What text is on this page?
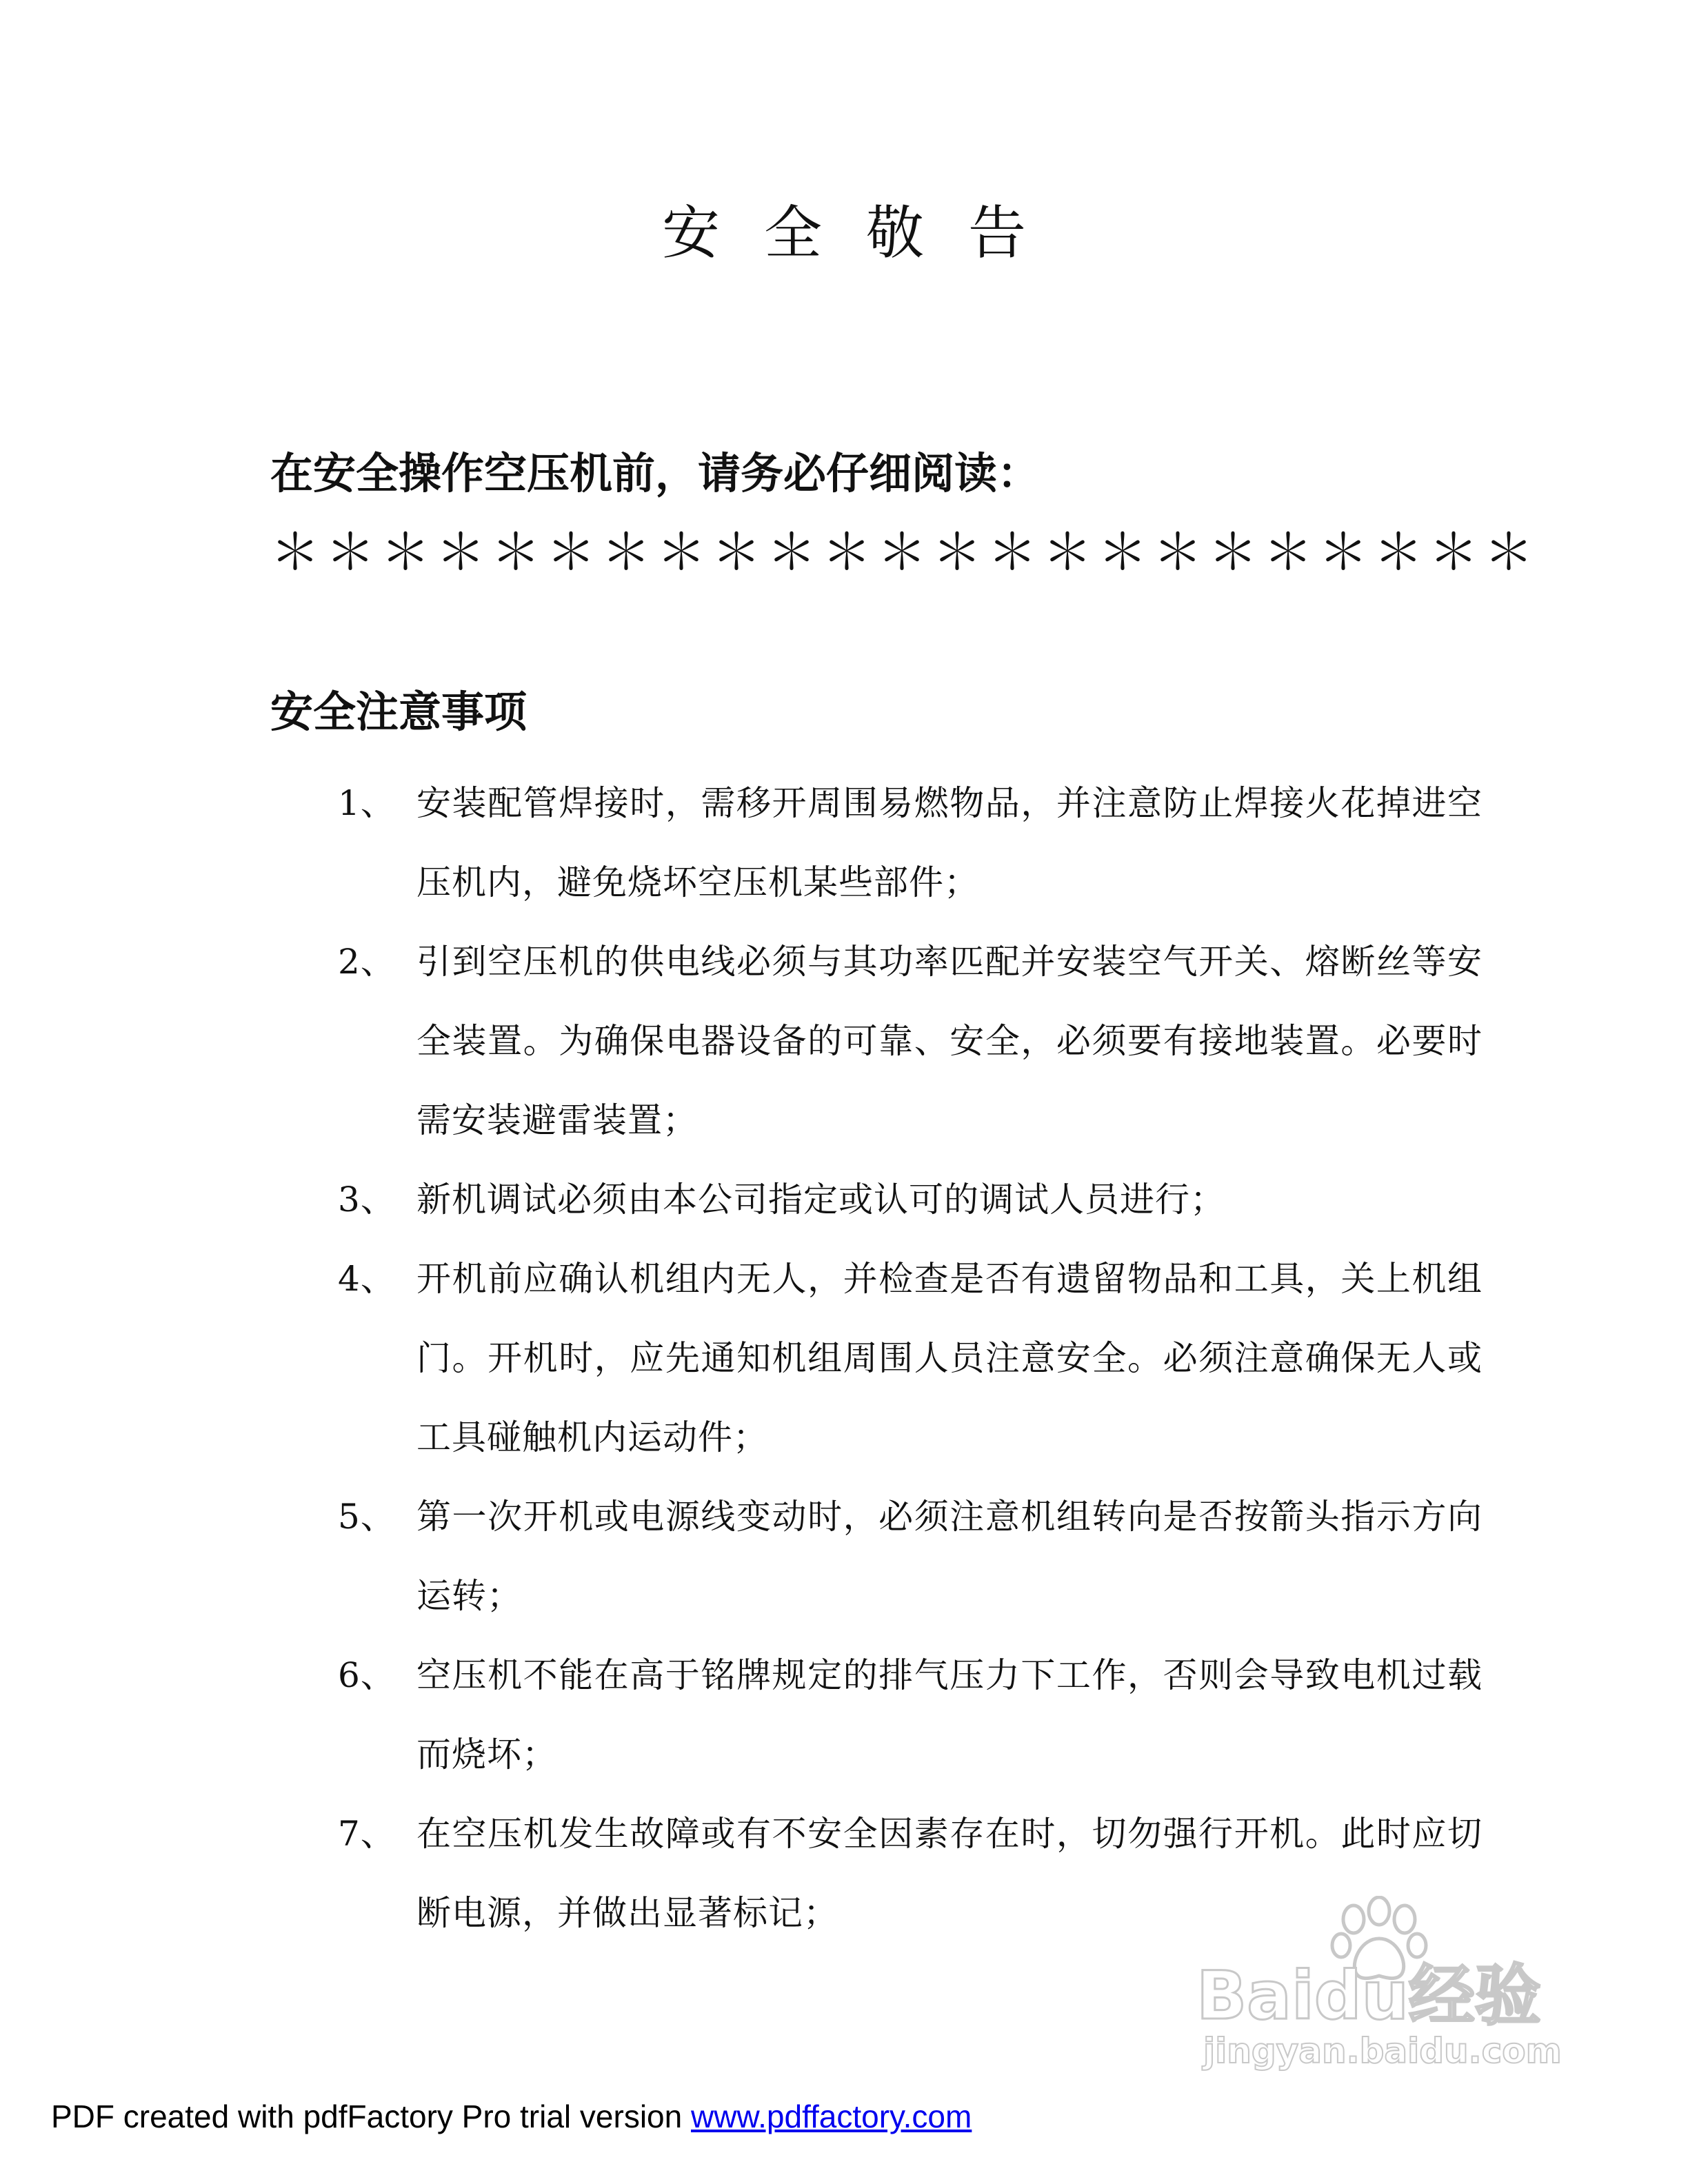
安全敬告
在安全操作空压机前，请务必仔细阅读：
＊＊＊＊＊＊＊＊＊＊＊＊＊＊＊＊＊＊＊＊＊＊＊
安全注意事项
1、 安装配管焊接时，需移开周围易燃物品，并注意防止焊接火花掉进空压机内，避免烧坏空压机某些部件；
2、 引到空压机的供电线必须与其功率匹配并安装空气开关、熔断丝等安全装置。为确保电器设备的可靠、安全，必须要有接地装置。必要时需安装避雷装置；
3、 新机调试必须由本公司指定或认可的调试人员进行；
4、 开机前应确认机组内无人，并检查是否有遗留物品和工具，关上机组门。开机时，应先通知机组周围人员注意安全。必须注意确保无人或工具碰触机内运动件；
5、 第一次开机或电源线变动时，必须注意机组转向是否按箭头指示方向运转；
6、 空压机不能在高于铭牌规定的排气压力下工作，否则会导致电机过载而烧坏；
7、 在空压机发生故障或有不安全因素存在时，切勿强行开机。此时应切断电源，并做出显著标记；
Baidu经验
jingyan.baidu.com
PDF created with pdfFactory Pro trial version www.pdffactory.com
